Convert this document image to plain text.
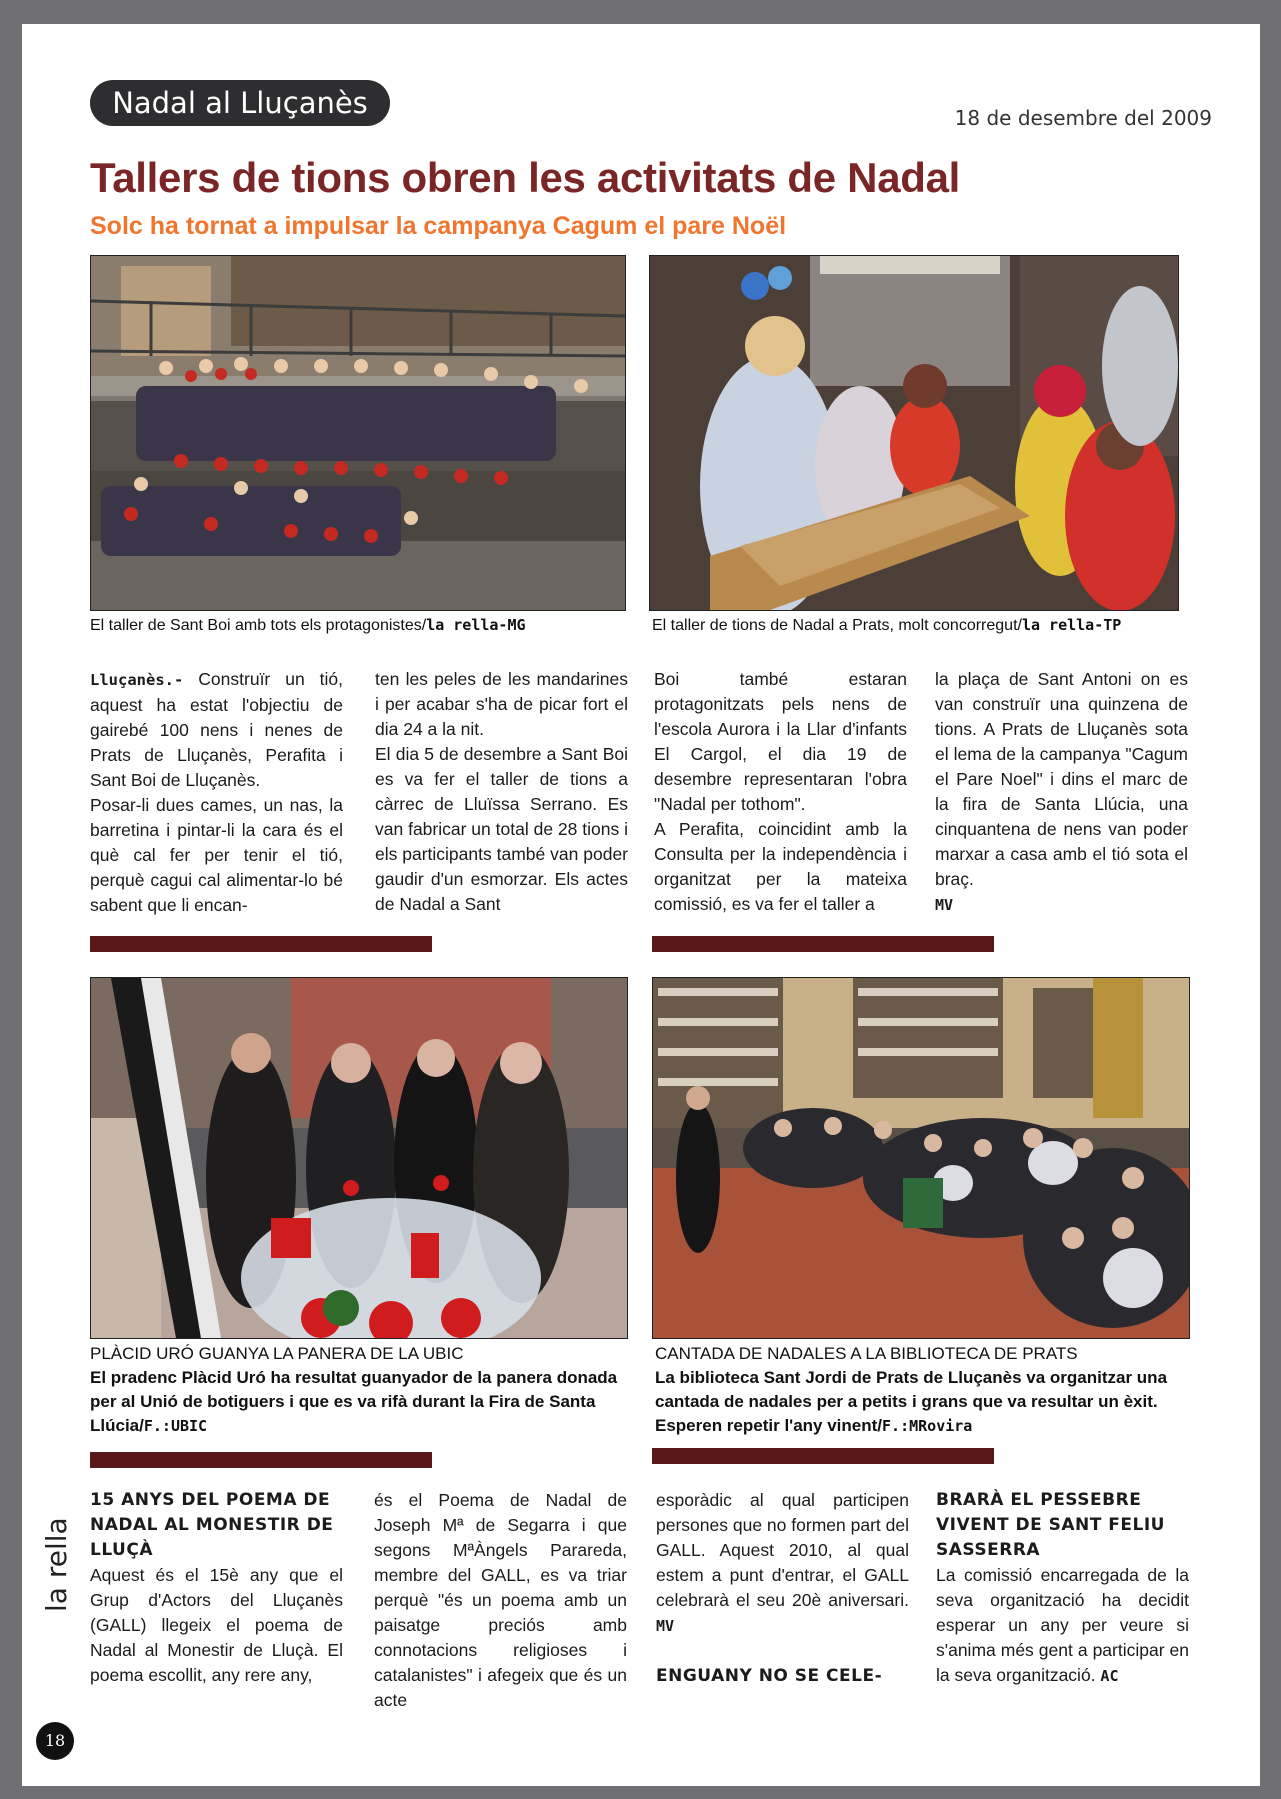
Nadal al Lluçanès	18 de desembre del 2009
Tallers de tions obren les activitats de Nadal
Solc ha tornat a impulsar la campanya Cagum el pare Noël
El taller de Sant Boi amb tots els protagonistes/la rella-MG	El taller de tions de Nadal a Prats, molt concorregut/la rella-TP

Lluçanès.- Construïr un tió, aquest ha estat l'objectiu de gairebé 100 nens i nenes de Prats de Lluçanès, Perafita i Sant Boi de Lluçanès.

Posar-li dues cames, un nas, la barretina i pintar-li la cara és el què cal fer per tenir el tió, perquè cagui cal alimentar-lo bé sabent que li encan-

ten les peles de les mandarines i per acabar s'ha de picar fort el dia 24 a la nit.

El dia 5 de desembre a Sant Boi es va fer el taller de tions a càrrec de Lluïssa Serrano. Es van fabricar un total de 28 tions i els participants també van poder gaudir d'un esmorzar. Els actes de Nadal a Sant

Boi també estaran protagonitzats pels nens de l'escola Aurora i la Llar d'infants El Cargol, el dia 19 de desembre representaran l'obra "Nadal per tothom".

A Perafita, coincidint amb la Consulta per la independència i organitzat per la mateixa comissió, es va fer el taller a

la plaça de Sant Antoni on es van construïr una quinzena de tions. A Prats de Lluçanès sota el lema de la campanya "Cagum el Pare Noel" i dins el marc de la fira de Santa Llúcia, una cinquantena de nens van poder marxar a casa amb el tió sota el braç.

MV

PLÀCID URÓ GUANYA LA PANERA DE LA UBIC
El pradenc Plàcid Uró ha resultat guanyador de la panera donada per al Unió de botiguers i que es va rifà durant la Fira de Santa Llúcia/F.:UBIC
CANTADA DE NADALES A LA BIBLIOTECA DE PRATS
La biblioteca Sant Jordi de Prats de Lluçanès va organitzar una cantada de nadales per a petits i grans que va resultar un èxit. Esperen repetir l'any vinent/F.:MRovira

15 ANYS DEL POEMA DE NADAL AL MONESTIR DE LLUÇÀ

Aquest és el 15è any que el Grup d'Actors del Lluçanès (GALL) llegeix el poema de Nadal al Monestir de Lluçà. El poema escollit, any rere any,

és el Poema de Nadal de Joseph Mª de Segarra i que segons MªÀngels Parareda, membre del GALL, es va triar perquè "és un poema amb un paisatge preciós amb connotacions religioses i catalanistes" i afegeix que és un acte

esporàdic al qual participen persones que no formen part del GALL. Aquest 2010, al qual estem a punt d'entrar, el GALL celebrarà el seu 20è aniversari. MV

ENGUANY NO SE CELE-

BRARÀ EL PESSEBRE VIVENT DE SANT FELIU SASSERRA

La comissió encarregada de la seva organització ha decidit esperar un any per veure si s'anima més gent a participar en la seva organització. AC

la rella
18
